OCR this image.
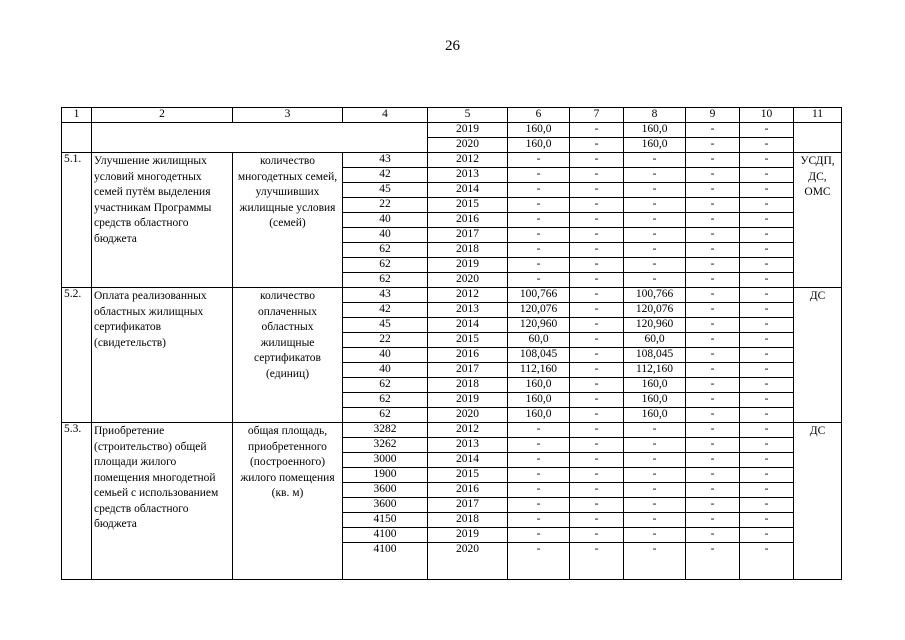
26
1	2	3	4	5	6	7	8	9	10	11
				2019	160,0	-	160,0	-	-	
				2020	160,0	-	160,0	-	-	
5.1.	Улучшение жилищных условий многодетных семей путём выделения участникам Программы средств областного бюджета	количество многодетных семей, улучшивших жилищные условия (семей)	43	2012	-	-	-	-	-	УСДП, ДС, ОМС
			42	2013	-	-	-	-	-	
			45	2014	-	-	-	-	-	
			22	2015	-	-	-	-	-	
			40	2016	-	-	-	-	-	
			40	2017	-	-	-	-	-	
			62	2018	-	-	-	-	-	
			62	2019	-	-	-	-	-	
			62	2020	-	-	-	-	-	
5.2.	Оплата реализованных областных жилищных сертификатов (свидетельств)	количество оплаченных областных жилищные сертификатов (единиц)	43	2012	100,766	-	100,766	-	-	ДС
			42	2013	120,076	-	120,076	-	-	
			45	2014	120,960	-	120,960	-	-	
			22	2015	60,0	-	60,0	-	-	
			40	2016	108,045	-	108,045	-	-	
			40	2017	112,160	-	112,160	-	-	
			62	2018	160,0	-	160,0	-	-	
			62	2019	160,0	-	160,0	-	-	
			62	2020	160,0	-	160,0	-	-	
5.3.	Приобретение (строительство) общей площади жилого помещения многодетной семьей с использованием средств областного бюджета	общая площадь, приобретенного (построенного) жилого помещения (кв. м)	3282	2012	-	-	-	-	-	ДС
			3262	2013	-	-	-	-	-	
			3000	2014	-	-	-	-	-	
			1900	2015	-	-	-	-	-	
			3600	2016	-	-	-	-	-	
			3600	2017	-	-	-	-	-	
			4150	2018	-	-	-	-	-	
			4100	2019	-	-	-	-	-	
			4100	2020	-	-	-	-	-	
